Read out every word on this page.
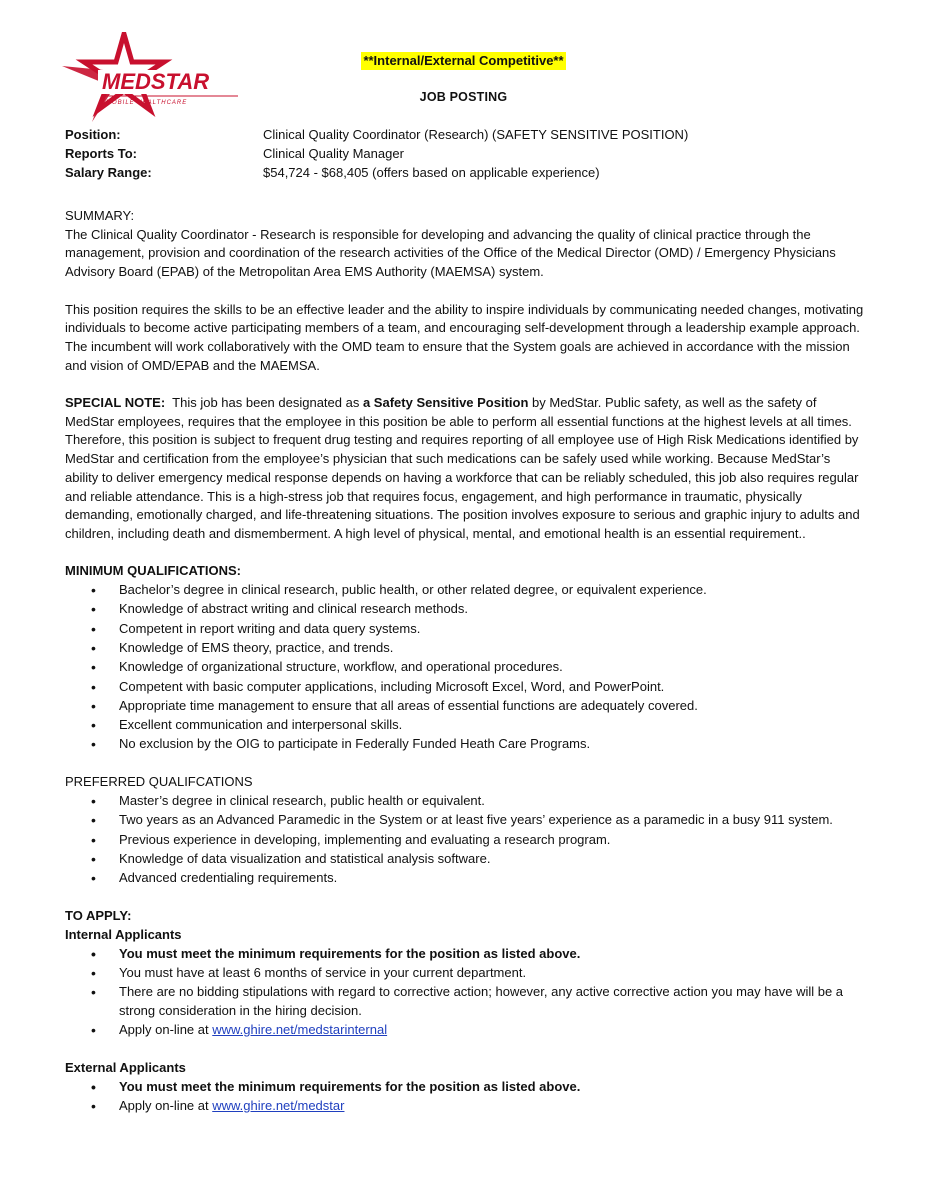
MEDSTAR
MOBILE HEALTHCARE
**Internal/External Competitive**
JOB POSTING
Position:	Clinical Quality Coordinator (Research) (SAFETY SENSITIVE POSITION)
Reports To:	Clinical Quality Manager
Salary Range:	$54,724 - $68,405 (offers based on applicable experience)

SUMMARY:

The Clinical Quality Coordinator - Research is responsible for developing and advancing the quality of clinical practice through the management, provision and coordination of the research activities of the Office of the Medical Director (OMD) / Emergency Physicians Advisory Board (EPAB) of the Metropolitan Area EMS Authority (MAEMSA) system.

This position requires the skills to be an effective leader and the ability to inspire individuals by communicating needed changes, motivating individuals to become active participating members of a team, and encouraging self-development through a leadership example approach. The incumbent will work collaboratively with the OMD team to ensure that the System goals are achieved in accordance with the mission and vision of OMD/EPAB and the MAEMSA.

SPECIAL NOTE:  This job has been designated as a Safety Sensitive Position by MedStar. Public safety, as well as the safety of MedStar employees, requires that the employee in this position be able to perform all essential functions at the highest levels at all times. Therefore, this position is subject to frequent drug testing and requires reporting of all employee use of High Risk Medications identified by MedStar and certification from the employee’s physician that such medications can be safely used while working. Because MedStar’s ability to deliver emergency medical response depends on having a workforce that can be reliably scheduled, this job also requires regular and reliable attendance. This is a high-stress job that requires focus, engagement, and high performance in traumatic, physically demanding, emotionally charged, and life-threatening situations. The position involves exposure to serious and graphic injury to adults and children, including death and dismemberment. A high level of physical, mental, and emotional health is an essential requirement..

MINIMUM QUALIFICATIONS:

• Bachelor’s degree in clinical research, public health, or other related degree, or equivalent experience.
• Knowledge of abstract writing and clinical research methods.
• Competent in report writing and data query systems.
• Knowledge of EMS theory, practice, and trends.
• Knowledge of organizational structure, workflow, and operational procedures.
• Competent with basic computer applications, including Microsoft Excel, Word, and PowerPoint.
• Appropriate time management to ensure that all areas of essential functions are adequately covered.
• Excellent communication and interpersonal skills.
• No exclusion by the OIG to participate in Federally Funded Heath Care Programs.

PREFERRED QUALIFCATIONS

• Master’s degree in clinical research, public health or equivalent.
• Two years as an Advanced Paramedic in the System or at least five years’ experience as a paramedic in a busy 911 system.
• Previous experience in developing, implementing and evaluating a research program.
• Knowledge of data visualization and statistical analysis software.
• Advanced credentialing requirements.

TO APPLY:

Internal Applicants

• You must meet the minimum requirements for the position as listed above.
• You must have at least 6 months of service in your current department.
• There are no bidding stipulations with regard to corrective action; however, any active corrective action you may have will be a strong consideration in the hiring decision.
• Apply on-line at www.ghire.net/medstarinternal

External Applicants

• You must meet the minimum requirements for the position as listed above.
• Apply on-line at www.ghire.net/medstar
